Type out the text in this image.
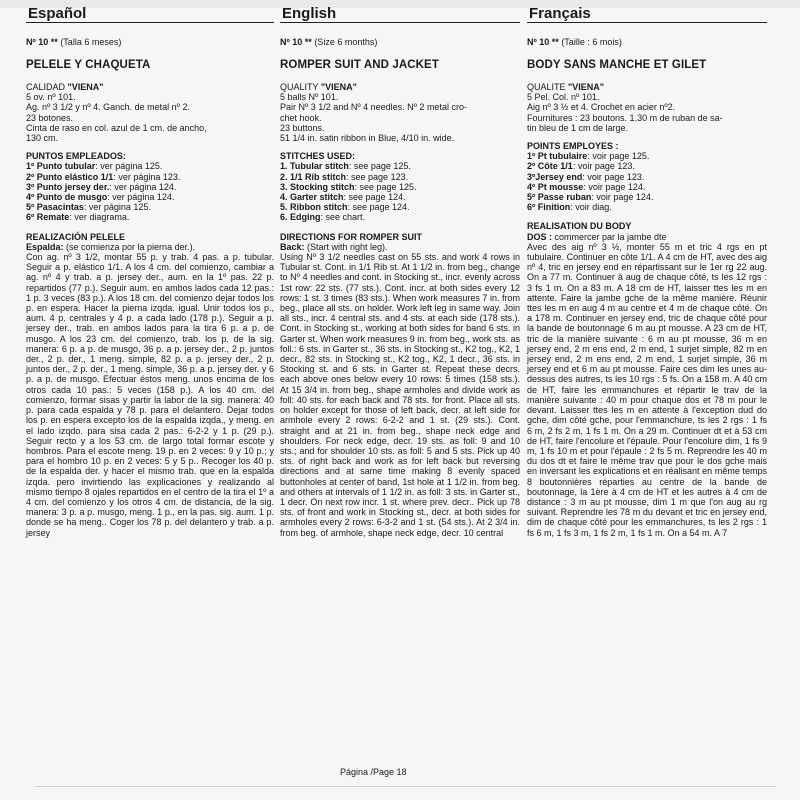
Español
Nº 10 ** (Talla 6 meses)
PELELE Y CHAQUETA
CALIDAD "VIENA"
5 ov. nº 101.
Ag. nº 3 1/2 y nº 4. Ganch. de metal nº 2.
23 botones.
Cinta de raso en col. azul de 1 cm. de ancho,
130 cm.
PUNTOS EMPLEADOS:
1º Punto tubular: ver página 125.
2º Punto elástico 1/1: ver página 123.
3º Punto jersey der.: ver página 124.
4º Punto de musgo: ver página 124.
5º Pasacintas: ver página 125.
6º Remate: ver diagrama.
REALIZACIÓN PELELE

Espalda: (se comienza por la pierna der.).

Con ag. nº 3 1/2, montar 55 p. y trab. 4 pas. a p. tubular. Seguir a p. elástico 1/1. A los 4 cm. del comienzo, cambiar a ag. nº 4 y trab. a p. jersey der., aum. en la 1º pas. 22 p. repartidos (77 p.). Seguir aum. en ambos lados cada 12 pas.: 1 p. 3 veces (83 p.). A los 18 cm. del comienzo dejar todos los p. en espera. Hacer la pierna izqda. igual. Unir todos los p., aum. 4 p. centrales y 4 p. a cada lado (178 p.). Seguir a p. jersey der., trab. en ambos lados para la tira 6 p. a p. de musgo. A los 23 cm. del comienzo, trab. los p. de la sig. manera: 6 p. a p. de musgo, 36 p. a p. jersey der., 2 p. juntos der., 2 p. der., 1 meng. simple, 82 p. a p. jersey der., 2 p. juntos der., 2 p. der., 1 meng. simple, 36 p. a p. jersey der. y 6 p. a p. de musgo. Efectuar éstos meng. unos encima de los otros cada 10 pas.: 5 veces (158 p.). A los 40 cm. del comienzo, formar sisas y partir la labor de la sig. manera: 40 p. para cada espalda y 78 p. para el delantero. Dejar todos los p. en espera excepto los de la espalda izqda., y meng. en el lado izqdo. para sisa cada 2 pas.: 6-2-2 y 1 p. (29 p.). Seguir recto y a los 53 cm. de largo total formar escote y hombros. Para el escote meng. 19 p. en 2 veces: 9 y 10 p.; y para el hombro 10 p. en 2 veces: 5 y 5 p.. Recoger los 40 p. de la espalda der. y hacer el mismo trab. que en la espalda izqda. pero invirtiendo las explicaciones y realizando al mismo tiempo 8 ojales repartidos en el centro de la tira el 1º a 4 cm. del comienzo y los otros 4 cm. de distancia, de la sig. manera: 3 p. a p. musgo, meng. 1 p., en la pas. sig. aum. 1 p. donde se ha meng.. Coger los 78 p. del delantero y trab. a p. jersey

English
Nº 10 ** (Size 6 months)
ROMPER SUIT AND JACKET
QUALITY "VIENA"
5 balls Nº 101.
Pair Nº 3 1/2 and Nº 4 needles. Nº 2 metal cro-
chet hook.
23 buttons.
51 1/4 in. satin ribbon in Blue, 4/10 in. wide.
STITCHES USED:
1. Tubular stitch: see page 125.
2. 1/1 Rib stitch: see page 123.
3. Stocking stitch: see page 125.
4. Garter stitch: see page 124.
5. Ribbon stitch: see page 124.
6. Edging: see chart.
DIRECTIONS FOR ROMPER SUIT

Back: (Start with right leg).

Using Nº 3 1/2 needles cast on 55 sts. and work 4 rows in Tubular st. Cont. in 1/1 Rib st. At 1 1/2 in. from beg., change to Nº 4 needles and cont. in Stocking st., incr. evenly across 1st row: 22 sts. (77 sts.). Cont. incr. at both sides every 12 rows: 1 st. 3 times (83 sts.). When work measures 7 in. from beg., place all sts. on holder. Work left leg in same way. Join all sts., incr. 4 central sts. and 4 sts. at each side (178 sts.). Cont. in Stocking st., working at both sides for band 6 sts. in Garter st. When work measures 9 in. from beg., work sts. as foll.: 6 sts. in Garter st., 36 sts. in Stocking st., K2 tog., K2, 1 decr., 82 sts. in Stocking st., K2 tog., K2, 1 decr., 36 sts. in Stocking st. and 6 sts. in Garter st. Repeat these decrs. each above ones below every 10 rows: 5 times (158 sts.). At 15 3/4 in. from beg., shape armholes and divide work as foll: 40 sts. for each back and 78 sts. for front. Place all sts. on holder except for those of left back, decr. at left side for armhole every 2 rows: 6-2-2 and 1 st. (29 sts.). Cont. straight and at 21 in. from beg., shape neck edge and shoulders. For neck edge, decr. 19 sts. as foll: 9 and 10 sts.; and for shoulder 10 sts. as foll: 5 and 5 sts. Pick up 40 sts. of right back and work as for left back but reversing directions and at same time making 8 evenly spaced buttonholes at center of band, 1st hole at 1 1/2 in. from beg. and others at intervals of 1 1/2 in. as foll: 3 sts. in Garter st., 1 decr. On next row incr. 1 st. where prev. decr.. Pick up 78 sts. of front and work in Stocking st., decr. at both sides for armholes every 2 rows: 6-3-2 and 1 st. (54 sts.). At 2 3/4 in. from beg. of armhole, shape neck edge, decr. 10 central

Français
Nº 10 ** (Taille : 6 mois)
BODY SANS MANCHE ET GILET
QUALITE "VIENA"
5 Pel. Col. nº 101.
Aig nº 3 ½ et 4. Crochet en acier nº2.
Fournitures : 23 boutons. 1.30 m de ruban de sa-
tin bleu de 1 cm de large.
POINTS EMPLOYES :
1º Pt tubulaire: voir page 125.
2º Côte 1/1: voir page 123.
3ºJersey end: voir page 123.
4º Pt mousse: voir page 124.
5º Passe ruban: voir page 124.
6º Finition: voir diag.
REALISATION DU BODY

DOS : commercer par la jambe dte

Avec des aig nº 3 ½, monter 55 m et tric 4 rgs en pt tubulaire. Continuer en côte 1/1. A 4 cm de HT, avec des aig nº 4, tric en jersey end en répartissant sur le 1er rg 22 aug. On a 77 m. Continuer à aug de chaque côté, ts les 12 rgs : 3 fs 1 m. On a 83 m. A 18 cm de HT, laisser ttes les m en attente. Faire la jambe gche de la même manière. Réunir ttes les m en aug 4 m au centre et 4 m de chaque côté. On a 178 m. Continuer en jersey end, tric de chaque côté pour la bande de boutonnage 6 m au pt mousse. A 23 cm de HT, tric de la manière suivante : 6 m au pt mousse, 36 m en jersey end, 2 m ens end, 2 m end, 1 surjet simple, 82 m en jersey end, 2 m ens end, 2 m end, 1 surjet simple, 36 m jersey end et 6 m au pt mousse. Faire ces dim les unes au-dessus des autres, ts les 10 rgs : 5 fs. On a 158 m. A 40 cm de HT, faire les emmanchures et répartir le trav de la manière suivante : 40 m pour chaque dos et 78 m pour le devant. Laisser ttes les m en attente à l'exception dud do gche, dim côté gche, pour l'emmanchure, ts les 2 rgs : 1 fs 6 m, 2 fs 2 m, 1 fs 1 m. On a 29 m. Continuer dt et à 53 cm de HT, faire l'encolure et l'épaule. Pour l'encolure dim, 1 fs 9 m, 1 fs 10 m et pour l'épaule : 2 fs 5 m. Reprendre les 40 m du dos dt et faire le même trav que pour le dos gche mais en inversant les explications et en réalisant en même temps 8 boutonnières réparties au centre de la bande de boutonnage, la 1ère à 4 cm de HT et les autres à 4 cm de distance : 3 m au pt mousse, dim 1 m que l'on aug au rg suivant. Reprendre les 78 m du devant et tric en jersey end, dim de chaque côté pour les emmanchures, ts les 2 rgs : 1 fs 6 m, 1 fs 3 m, 1 fs 2 m, 1 fs 1 m. On a 54 m. A 7

Página /Page 18
